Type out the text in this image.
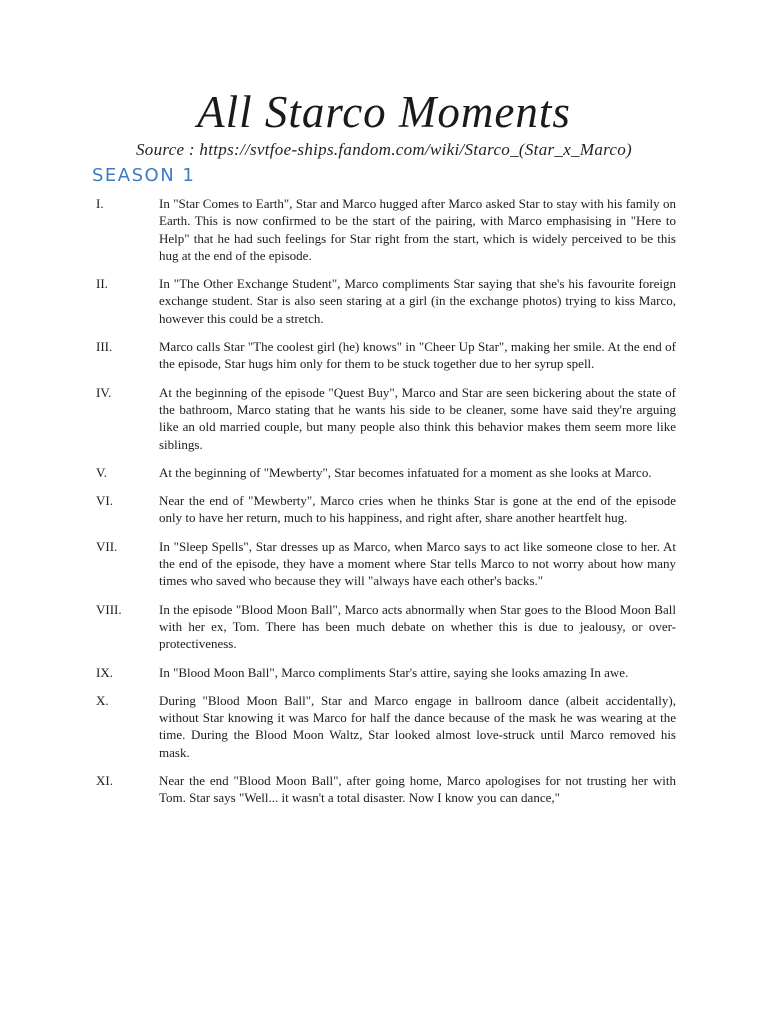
All Starco Moments
Source : https://svtfoe-ships.fandom.com/wiki/Starco_(Star_x_Marco)
SEASON 1
I.	In "Star Comes to Earth", Star and Marco hugged after Marco asked Star to stay with his family on Earth. This is now confirmed to be the start of the pairing, with Marco emphasising in "Here to Help" that he had such feelings for Star right from the start, which is widely perceived to be this hug at the end of the episode.
II.	In "The Other Exchange Student", Marco compliments Star saying that she's his favourite foreign exchange student. Star is also seen staring at a girl (in the exchange photos) trying to kiss Marco, however this could be a stretch.
III.	Marco calls Star "The coolest girl (he) knows" in "Cheer Up Star", making her smile. At the end of the episode, Star hugs him only for them to be stuck together due to her syrup spell.
IV.	At the beginning of the episode "Quest Buy", Marco and Star are seen bickering about the state of the bathroom, Marco stating that he wants his side to be cleaner, some have said they're arguing like an old married couple, but many people also think this behavior makes them seem more like siblings.
V.	At the beginning of "Mewberty", Star becomes infatuated for a moment as she looks at Marco.
VI.	Near the end of "Mewberty", Marco cries when he thinks Star is gone at the end of the episode only to have her return, much to his happiness, and right after, share another heartfelt hug.
VII.	In "Sleep Spells", Star dresses up as Marco, when Marco says to act like someone close to her. At the end of the episode, they have a moment where Star tells Marco to not worry about how many times who saved who because they will "always have each other's backs."
VIII.	In the episode "Blood Moon Ball", Marco acts abnormally when Star goes to the Blood Moon Ball with her ex, Tom. There has been much debate on whether this is due to jealousy, or over-protectiveness.
IX.	In "Blood Moon Ball", Marco compliments Star's attire, saying she looks amazing In awe.
X.	During "Blood Moon Ball", Star and Marco engage in ballroom dance (albeit accidentally), without Star knowing it was Marco for half the dance because of the mask he was wearing at the time. During the Blood Moon Waltz, Star looked almost love-struck until Marco removed his mask.
XI.	Near the end "Blood Moon Ball", after going home, Marco apologises for not trusting her with Tom. Star says "Well... it wasn't a total disaster. Now I know you can dance,"
